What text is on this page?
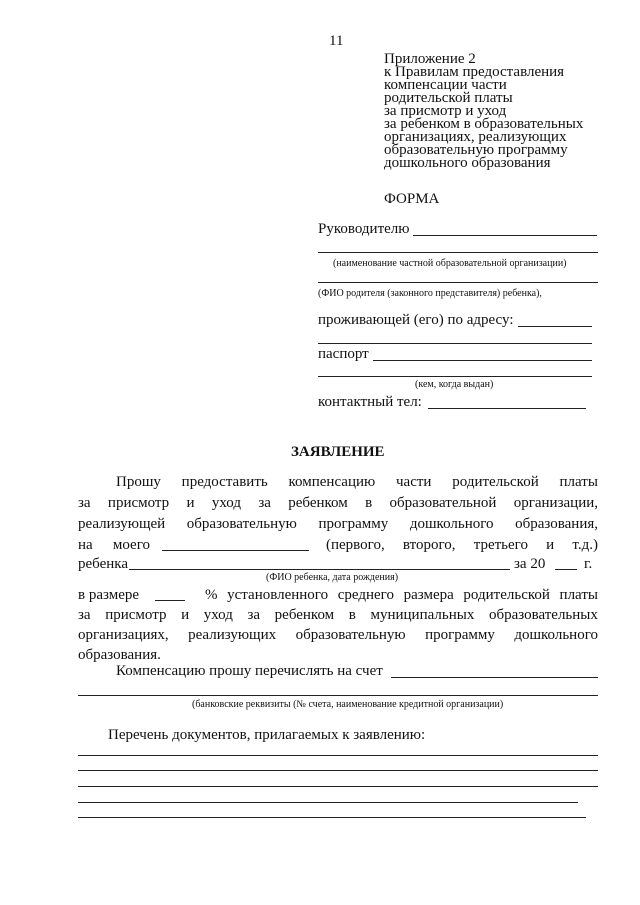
11
Приложение 2
к Правилам предоставления
компенсации части
родительской платы
за присмотр и уход
за ребенком в образовательных
организациях, реализующих
образовательную программу
дошкольного образования
ФОРМА
Руководителю
(наименование частной образовательной организации)
(ФИО родителя (законного представителя) ребенка),
проживающей (его) по адресу:
паспорт
(кем, когда выдан)
контактный тел:
ЗАЯВЛЕНИЕ
Прошу предоставить компенсацию части родительской платы
за присмотр и уход за ребенком в образовательной организации,
реализующей образовательную программу дошкольного образования,
на моего	(первого, второго, третьего и т.д.)
ребенка	за 20	г.
(ФИО ребенка, дата рождения)
в размере	% установленного среднего размера родительской платы
за присмотр и уход за ребенком в муниципальных образовательных
организациях, реализующих образовательную программу дошкольного
образования.
Компенсацию прошу перечислять на счет
(банковские реквизиты (№ счета, наименование кредитной организации)
Перечень документов, прилагаемых к заявлению:
